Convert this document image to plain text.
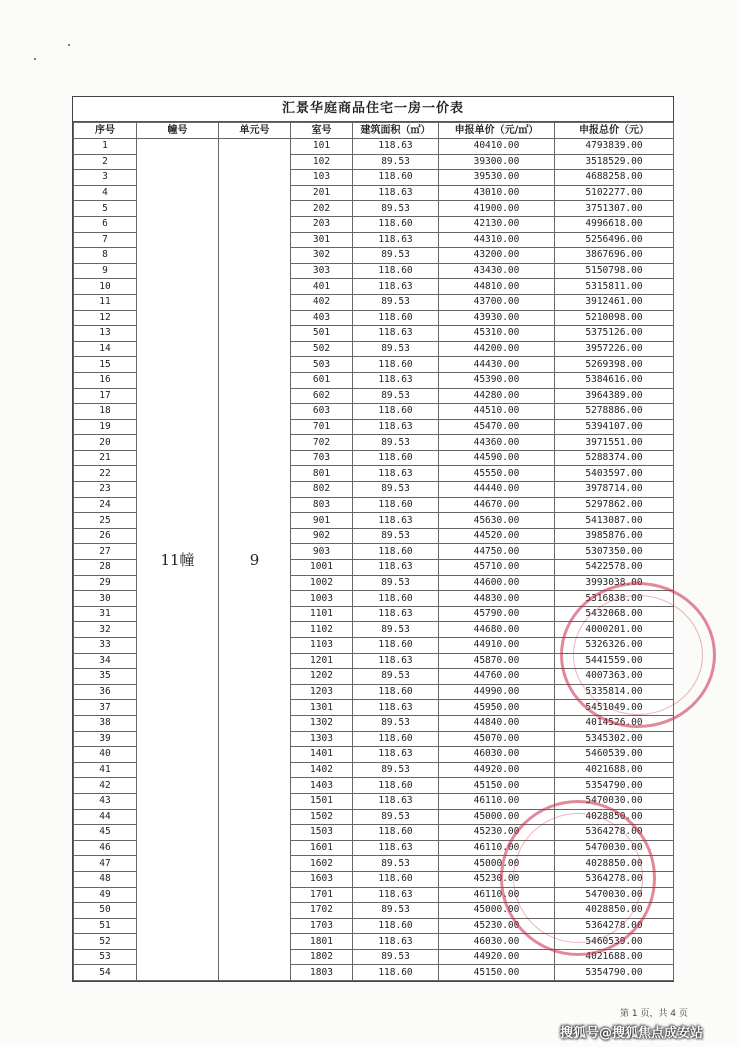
汇景华庭商品住宅一房一价表
序号	幢号	单元号	室号	建筑面积（㎡）	申报单价（元/㎡）	申报总价（元）
1	11幢	9	101	118.63	40410.00	4793839.00
2			102	89.53	39300.00	3518529.00
3			103	118.60	39530.00	4688258.00
4			201	118.63	43010.00	5102277.00
5			202	89.53	41900.00	3751307.00
6			203	118.60	42130.00	4996618.00
7			301	118.63	44310.00	5256496.00
8			302	89.53	43200.00	3867696.00
9			303	118.60	43430.00	5150798.00
10			401	118.63	44810.00	5315811.00
11			402	89.53	43700.00	3912461.00
12			403	118.60	43930.00	5210098.00
13			501	118.63	45310.00	5375126.00
14			502	89.53	44200.00	3957226.00
15			503	118.60	44430.00	5269398.00
16			601	118.63	45390.00	5384616.00
17			602	89.53	44280.00	3964389.00
18			603	118.60	44510.00	5278886.00
19			701	118.63	45470.00	5394107.00
20			702	89.53	44360.00	3971551.00
21			703	118.60	44590.00	5288374.00
22			801	118.63	45550.00	5403597.00
23			802	89.53	44440.00	3978714.00
24			803	118.60	44670.00	5297862.00
25			901	118.63	45630.00	5413087.00
26			902	89.53	44520.00	3985876.00
27			903	118.60	44750.00	5307350.00
28			1001	118.63	45710.00	5422578.00
29			1002	89.53	44600.00	3993038.00
30			1003	118.60	44830.00	5316838.00
31			1101	118.63	45790.00	5432068.00
32			1102	89.53	44680.00	4000201.00
33			1103	118.60	44910.00	5326326.00
34			1201	118.63	45870.00	5441559.00
35			1202	89.53	44760.00	4007363.00
36			1203	118.60	44990.00	5335814.00
37			1301	118.63	45950.00	5451049.00
38			1302	89.53	44840.00	4014526.00
39			1303	118.60	45070.00	5345302.00
40			1401	118.63	46030.00	5460539.00
41			1402	89.53	44920.00	4021688.00
42			1403	118.60	45150.00	5354790.00
43			1501	118.63	46110.00	5470030.00
44			1502	89.53	45000.00	4028850.00
45			1503	118.60	45230.00	5364278.00
46			1601	118.63	46110.00	5470030.00
47			1602	89.53	45000.00	4028850.00
48			1603	118.60	45230.00	5364278.00
49			1701	118.63	46110.00	5470030.00
50			1702	89.53	45000.00	4028850.00
51			1703	118.60	45230.00	5364278.00
52			1801	118.63	46030.00	5460539.00
53			1802	89.53	44920.00	4021688.00
54			1803	118.60	45150.00	5354790.00
第 1 页，共 4 页
搜狐号@搜狐焦点成安站
